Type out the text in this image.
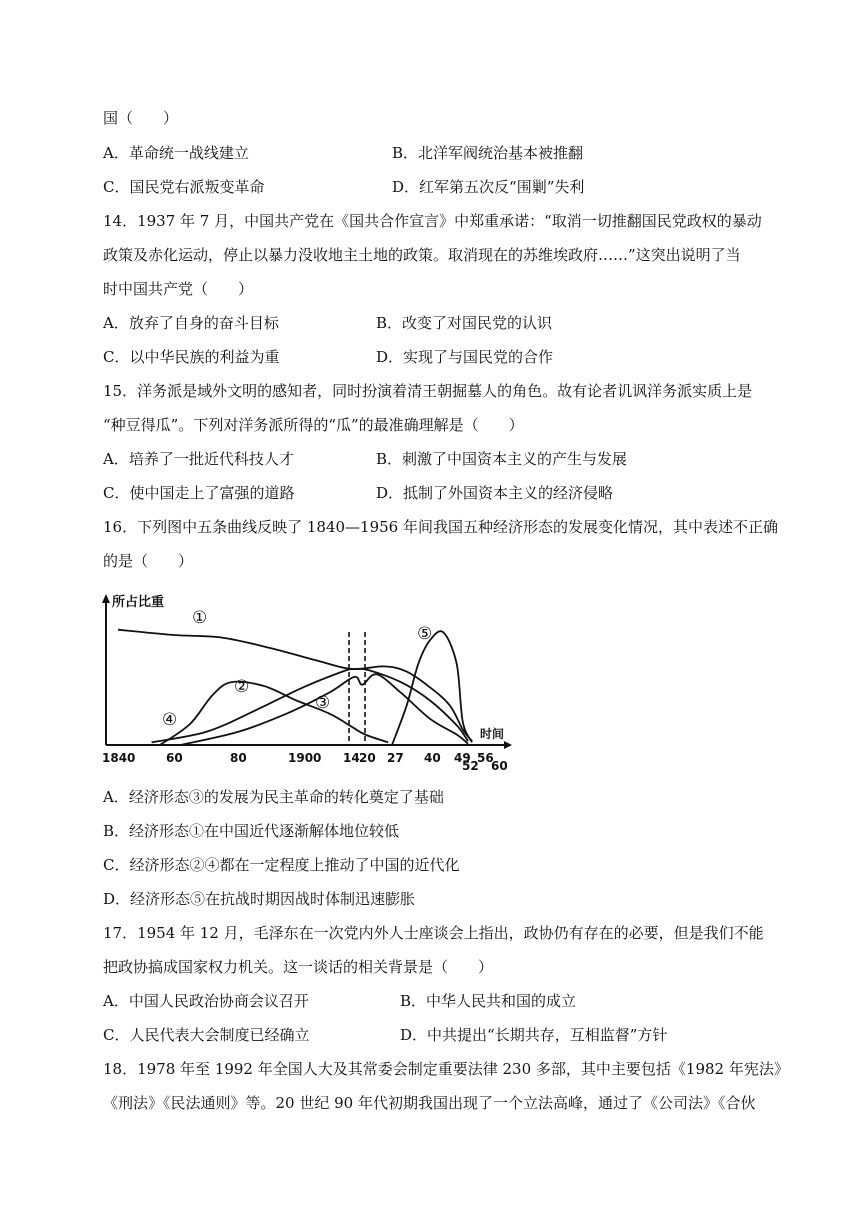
国（　　）
A．革命统一战线建立	B．北洋军阀统治基本被推翻
C．国民党右派叛变革命	D．红军第五次反“围剿”失利
14．1937 年 7 月，中国共产党在《国共合作宣言》中郑重承诺：“取消一切推翻国民党政权的暴动
政策及赤化运动，停止以暴力没收地主土地的政策。取消现在的苏维埃政府……”这突出说明了当
时中国共产党（　　）
A．放弃了自身的奋斗目标	B．改变了对国民党的认识
C．以中华民族的利益为重	D．实现了与国民党的合作
15．洋务派是域外文明的感知者，同时扮演着清王朝掘墓人的角色。故有论者讥讽洋务派实质上是
“种豆得瓜”。下列对洋务派所得的“瓜”的最准确理解是（　　）
A．培养了一批近代科技人才	B．刺激了中国资本主义的产生与发展
C．使中国走上了富强的道路	D．抵制了外国资本主义的经济侵略
16．下列图中五条曲线反映了 1840—1956 年间我国五种经济形态的发展变化情况，其中表述不正确
的是（　　）
所占比重
时间
1840	60	80	1900 14 20 27 40 49
52
56
60
①
②
③
④
⑤
A．经济形态③的发展为民主革命的转化奠定了基础
B．经济形态①在中国近代逐渐解体地位较低
C．经济形态②④都在一定程度上推动了中国的近代化
D．经济形态⑤在抗战时期因战时体制迅速膨胀
17．1954 年 12 月，毛泽东在一次党内外人士座谈会上指出，政协仍有存在的必要，但是我们不能
把政协搞成国家权力机关。这一谈话的相关背景是（　　）
A．中国人民政治协商会议召开	B．中华人民共和国的成立
C．人民代表大会制度已经确立	D．中共提出“长期共存，互相监督”方针
18．1978 年至 1992 年全国人大及其常委会制定重要法律 230 多部，其中主要包括《1982 年宪法》
《刑法》《民法通则》等。20 世纪 90 年代初期我国出现了一个立法高峰，通过了《公司法》《合伙
